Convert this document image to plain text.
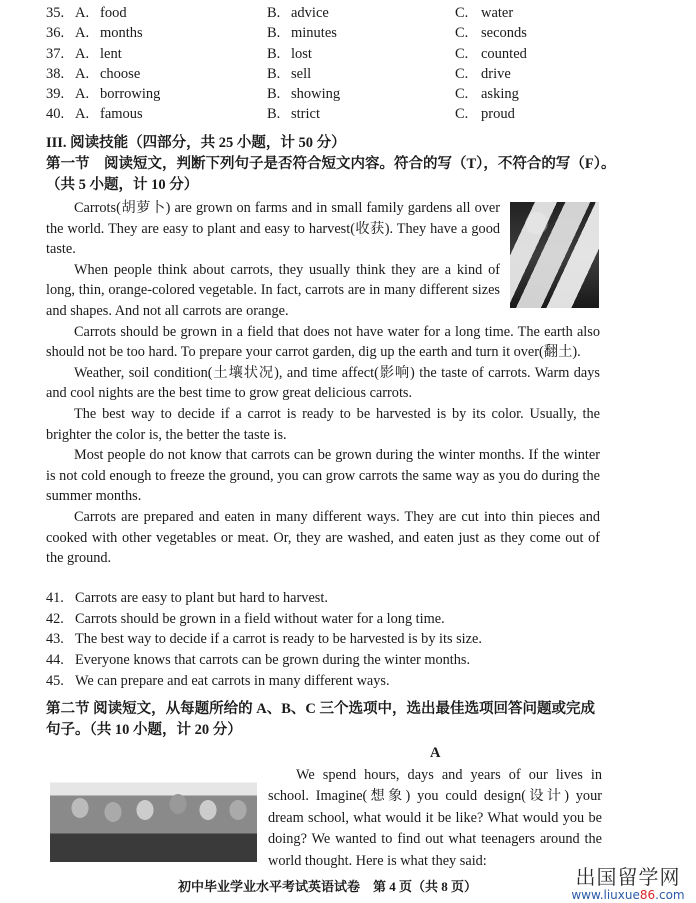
35. A. food	B. advice	C. water
36. A. months	B. minutes	C. seconds
37. A. lent	B. lost	C. counted
38. A. choose	B. sell	C. drive
39. A. borrowing	B. showing	C. asking
40. A. famous	B. strict	C. proud
III. 阅读技能（四部分，共 25 小题，计 50 分）
第一节　阅读短文，判断下列句子是否符合短文内容。符合的写（T），不符合的写（F）。
（共 5 小题，计 10 分）

Carrots(胡萝卜) are grown on farms and in small family gardens all over the world. They are easy to plant and easy to harvest(收获). They have a good taste.

When people think about carrots, they usually think they are a kind of long, thin, orange-colored vegetable. In fact, carrots are in many different sizes and shapes. And not all carrots are orange.

Carrots should be grown in a field that does not have water for a long time. The earth also should not be too hard. To prepare your carrot garden, dig up the earth and turn it over(翻土).

Weather, soil condition(土壤状况), and time affect(影响) the taste of carrots. Warm days and cool nights are the best time to grow great delicious carrots.

The best way to decide if a carrot is ready to be harvested is by its color. Usually, the brighter the color is, the better the taste is.

Most people do not know that carrots can be grown during the winter months. If the winter is not cold enough to freeze the ground, you can grow carrots the same way as you do during the summer months.

Carrots are prepared and eaten in many different ways. They are cut into thin pieces and cooked with other vegetables or meat. Or, they are washed, and eaten just as they come out of the ground.

41. Carrots are easy to plant but hard to harvest.
42. Carrots should be grown in a field without water for a long time.
43. The best way to decide if a carrot is ready to be harvested is by its size.
44. Everyone knows that carrots can be grown during the winter months.
45. We can prepare and eat carrots in many different ways.
第二节 阅读短文，从每题所给的 A、B、C 三个选项中，选出最佳选项回答问题或完成
句子。（共 10 小题，计 20 分）
A

We spend hours, days and years of our lives in school. Imagine(想象) you could design(设计) your dream school, what would it be like? What would you be doing? We wanted to find out what teenagers around the world thought. Here is what they said:

初中毕业学业水平考试英语试卷　第 4 页（共 8 页）	出国留学网
www.liuxue86.com
